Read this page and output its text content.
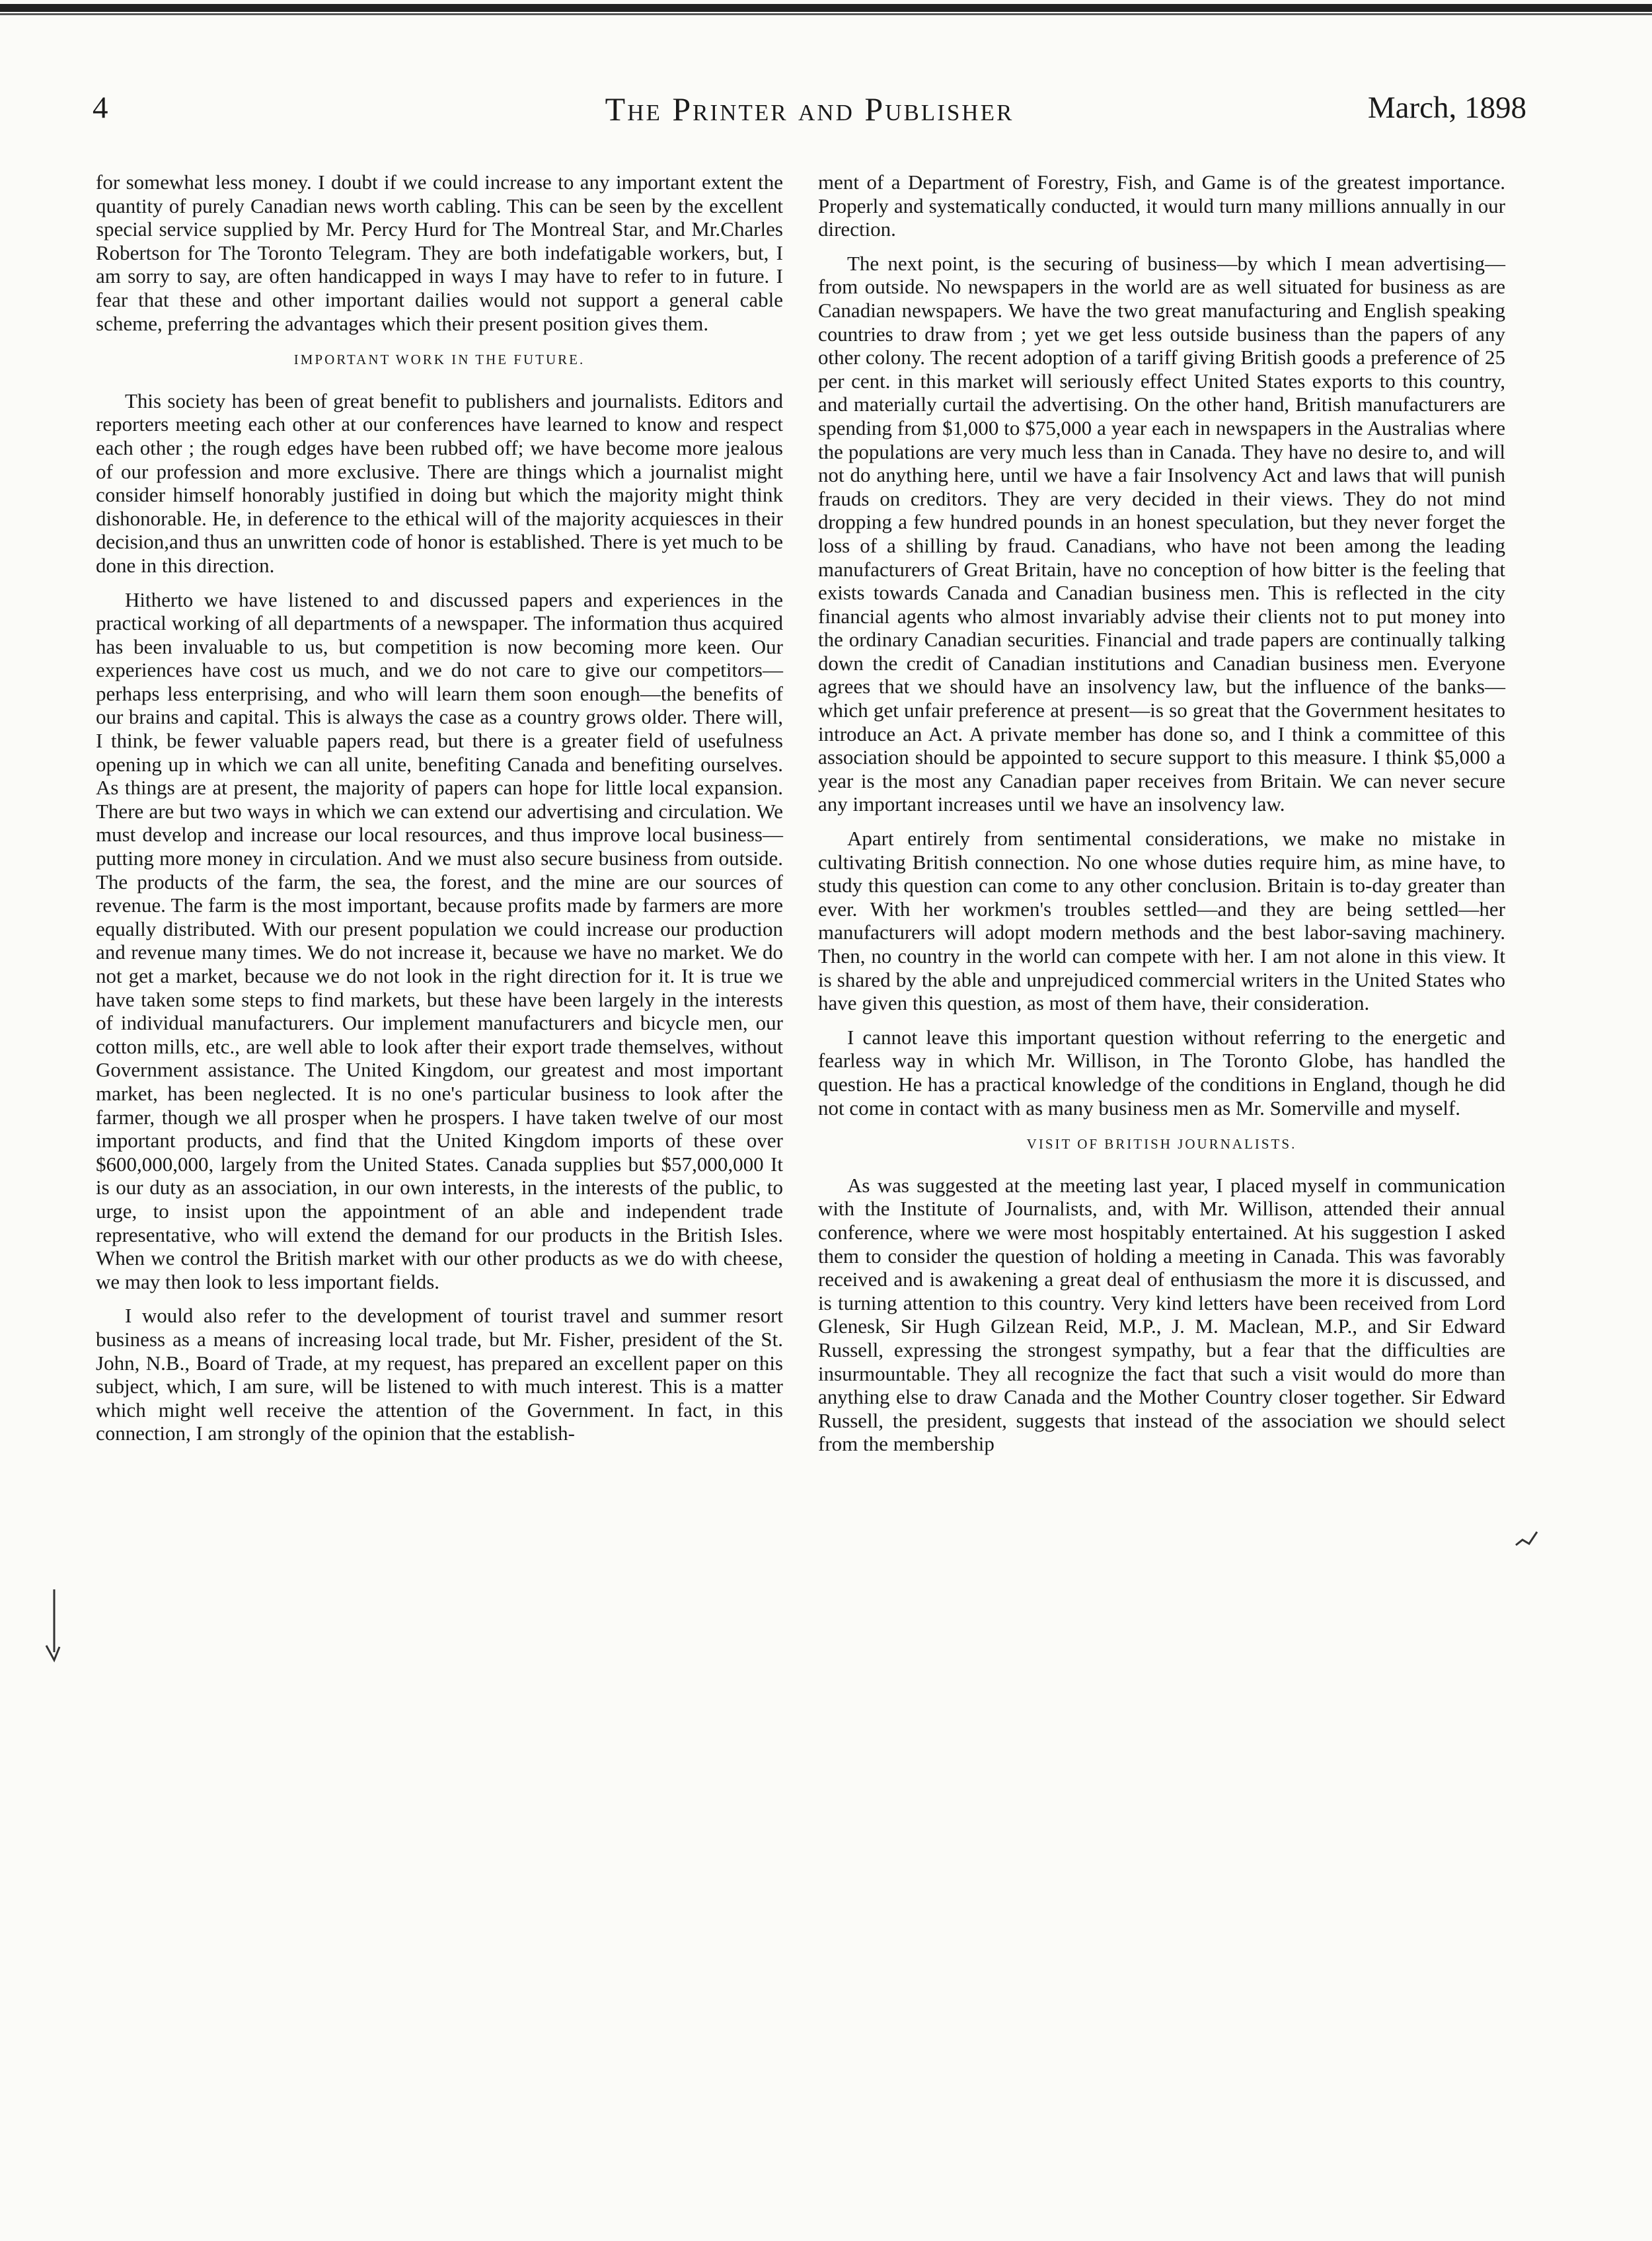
4	The Printer and Publisher	March, 1898

for somewhat less money. I doubt if we could increase to any important extent the quantity of purely Canadian news worth cabling. This can be seen by the excellent special service supplied by Mr. Percy Hurd for The Montreal Star, and Mr.Charles Robertson for The Toronto Telegram. They are both indefatigable workers, but, I am sorry to say, are often handicapped in ways I may have to refer to in future. I fear that these and other important dailies would not support a general cable scheme, preferring the advantages which their present position gives them.

IMPORTANT WORK IN THE FUTURE.

This society has been of great benefit to publishers and journalists. Editors and reporters meeting each other at our conferences have learned to know and respect each other ; the rough edges have been rubbed off; we have become more jealous of our profession and more exclusive. There are things which a journalist might consider himself honorably justified in doing but which the majority might think dishonorable. He, in deference to the ethical will of the majority acquiesces in their decision,and thus an unwritten code of honor is established. There is yet much to be done in this direction.

Hitherto we have listened to and discussed papers and experiences in the practical working of all departments of a newspaper. The information thus acquired has been invaluable to us, but competition is now becoming more keen. Our experiences have cost us much, and we do not care to give our competitors—perhaps less enterprising, and who will learn them soon enough—the benefits of our brains and capital. This is always the case as a country grows older. There will, I think, be fewer valuable papers read, but there is a greater field of usefulness opening up in which we can all unite, benefiting Canada and benefiting ourselves. As things are at present, the majority of papers can hope for little local expansion. There are but two ways in which we can extend our advertising and circulation. We must develop and increase our local resources, and thus improve local business—putting more money in circulation. And we must also secure business from outside. The products of the farm, the sea, the forest, and the mine are our sources of revenue. The farm is the most important, because profits made by farmers are more equally distributed. With our present population we could increase our production and revenue many times. We do not increase it, because we have no market. We do not get a market, because we do not look in the right direction for it. It is true we have taken some steps to find markets, but these have been largely in the interests of individual manufacturers. Our implement manufacturers and bicycle men, our cotton mills, etc., are well able to look after their export trade themselves, without Government assistance. The United Kingdom, our greatest and most important market, has been neglected. It is no one's particular business to look after the farmer, though we all prosper when he prospers. I have taken twelve of our most important products, and find that the United Kingdom imports of these over $600,000,000, largely from the United States. Canada supplies but $57,000,000 It is our duty as an association, in our own interests, in the interests of the public, to urge, to insist upon the appointment of an able and independent trade representative, who will extend the demand for our products in the British Isles. When we control the British market with our other products as we do with cheese, we may then look to less important fields.

I would also refer to the development of tourist travel and summer resort business as a means of increasing local trade, but Mr. Fisher, president of the St. John, N.B., Board of Trade, at my request, has prepared an excellent paper on this subject, which, I am sure, will be listened to with much interest. This is a matter which might well receive the attention of the Government. In fact, in this connection, I am strongly of the opinion that the establish-

ment of a Department of Forestry, Fish, and Game is of the greatest importance. Properly and systematically conducted, it would turn many millions annually in our direction.

The next point, is the securing of business—by which I mean advertising—from outside. No newspapers in the world are as well situated for business as are Canadian newspapers. We have the two great manufacturing and English speaking countries to draw from ; yet we get less outside business than the papers of any other colony. The recent adoption of a tariff giving British goods a preference of 25 per cent. in this market will seriously effect United States exports to this country, and materially curtail the advertising. On the other hand, British manufacturers are spending from $1,000 to $75,000 a year each in newspapers in the Australias where the populations are very much less than in Canada. They have no desire to, and will not do anything here, until we have a fair Insolvency Act and laws that will punish frauds on creditors. They are very decided in their views. They do not mind dropping a few hundred pounds in an honest speculation, but they never forget the loss of a shilling by fraud. Canadians, who have not been among the leading manufacturers of Great Britain, have no conception of how bitter is the feeling that exists towards Canada and Canadian business men. This is reflected in the city financial agents who almost invariably advise their clients not to put money into the ordinary Canadian securities. Financial and trade papers are continually talking down the credit of Canadian institutions and Canadian business men. Everyone agrees that we should have an insolvency law, but the influence of the banks—which get unfair preference at present—is so great that the Government hesitates to introduce an Act. A private member has done so, and I think a committee of this association should be appointed to secure support to this measure. I think $5,000 a year is the most any Canadian paper receives from Britain. We can never secure any important increases until we have an insolvency law.

Apart entirely from sentimental considerations, we make no mistake in cultivating British connection. No one whose duties require him, as mine have, to study this question can come to any other conclusion. Britain is to-day greater than ever. With her workmen's troubles settled—and they are being settled—her manufacturers will adopt modern methods and the best labor-saving machinery. Then, no country in the world can compete with her. I am not alone in this view. It is shared by the able and unprejudiced commercial writers in the United States who have given this question, as most of them have, their consideration.

I cannot leave this important question without referring to the energetic and fearless way in which Mr. Willison, in The Toronto Globe, has handled the question. He has a practical knowledge of the conditions in England, though he did not come in contact with as many business men as Mr. Somerville and myself.

VISIT OF BRITISH JOURNALISTS.

As was suggested at the meeting last year, I placed myself in communication with the Institute of Journalists, and, with Mr. Willison, attended their annual conference, where we were most hospitably entertained. At his suggestion I asked them to consider the question of holding a meeting in Canada. This was favorably received and is awakening a great deal of enthusiasm the more it is discussed, and is turning attention to this country. Very kind letters have been received from Lord Glenesk, Sir Hugh Gilzean Reid, M.P., J. M. Maclean, M.P., and Sir Edward Russell, expressing the strongest sympathy, but a fear that the difficulties are insurmountable. They all recognize the fact that such a visit would do more than anything else to draw Canada and the Mother Country closer together. Sir Edward Russell, the president, suggests that instead of the association we should select from the membership
